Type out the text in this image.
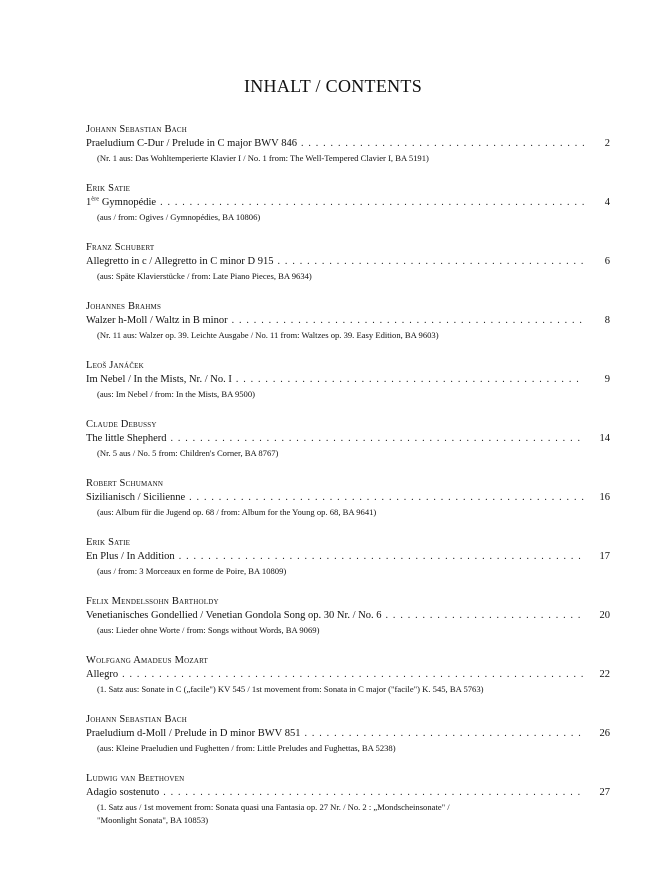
INHALT / CONTENTS
Johann Sebastian Bach
Praeludium C-Dur / Prelude in C major BWV 846 . . .	2
(Nr. 1 aus: Das Wohltemperierte Klavier I / No. 1 from: The Well-Tempered Clavier I, BA 5191)
Erik Satie
1ère Gymnopédie . . .	4
(aus / from: Ogives / Gymnopédies, BA 10806)
Franz Schubert
Allegretto in c / Allegretto in C minor D 915 . . .	6
(aus: Späte Klavierstücke / from: Late Piano Pieces, BA 9634)
Johannes Brahms
Walzer h-Moll / Waltz in B minor . . .	8
(Nr. 11 aus: Walzer op. 39. Leichte Ausgabe / No. 11 from: Waltzes op. 39. Easy Edition, BA 9603)
Leoš Janáček
Im Nebel / In the Mists, Nr. / No. I . . .	9
(aus: Im Nebel / from: In the Mists, BA 9500)
Claude Debussy
The little Shepherd . . .	14
(Nr. 5 aus / No. 5 from: Children's Corner, BA 8767)
Robert Schumann
Sizilianisch / Sicilienne . . .	16
(aus: Album für die Jugend op. 68 / from: Album for the Young op. 68, BA 9641)
Erik Satie
En Plus / In Addition . . .	17
(aus / from: 3 Morceaux en forme de Poire, BA 10809)
Felix Mendelssohn Bartholdy
Venetianisches Gondellied / Venetian Gondola Song op. 30 Nr. / No. 6 . . .	20
(aus: Lieder ohne Worte / from: Songs without Words, BA 9069)
Wolfgang Amadeus Mozart
Allegro . . .	22
(1. Satz aus: Sonate in C („facile") KV 545 / 1st movement from: Sonata in C major ("facile") K. 545, BA 5763)
Johann Sebastian Bach
Praeludium d-Moll / Prelude in D minor BWV 851 . . .	26
(aus: Kleine Praeludien und Fughetten / from: Little Preludes and Fughettas, BA 5238)
Ludwig van Beethoven
Adagio sostenuto . . .	27
(1. Satz aus / 1st movement from: Sonata quasi una Fantasia op. 27 Nr. / No. 2 : „Mondscheinsonate" /
"Moonlight Sonata", BA 10853)
